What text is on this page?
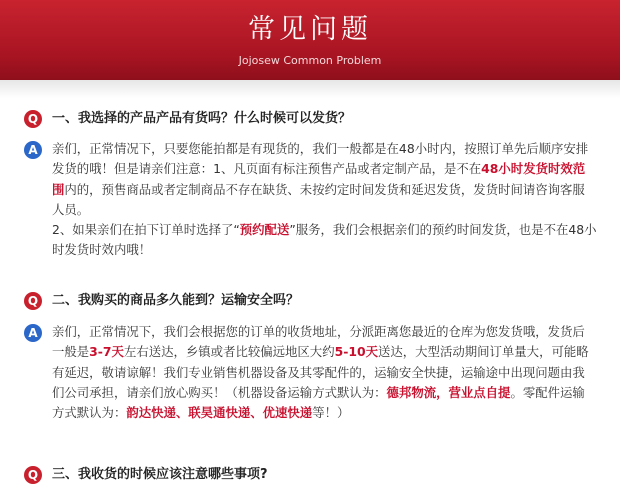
常见问题
Jojosew Common Problem
Q	一、我选择的产品产品有货吗？什么时候可以发货？
A	亲们，正常情况下，只要您能拍都是有现货的，我们一般都是在48小时内，按照订单先后顺序安排发货的哦！但是请亲们注意：1、凡页面有标注预售产品或者定制产品，是不在48小时发货时效范围内的，预售商品或者定制商品不存在缺货、未按约定时间发货和延迟发货，发货时间请咨询客服人员。
2、如果亲们在拍下订单时选择了“预约配送”服务，我们会根据亲们的预约时间发货，也是不在48小时发货时效内哦！
Q	二、我购买的商品多久能到？运输安全吗？
A	亲们，正常情况下，我们会根据您的订单的收货地址，分派距离您最近的仓库为您发货哦，发货后一般是3-7天左右送达，乡镇或者比较偏远地区大约5-10天送达，大型活动期间订单量大，可能略有延迟，敬请谅解！我们专业销售机器设备及其零配件的，运输安全快捷，运输途中出现问题由我们公司承担，请亲们放心购买！（机器设备运输方式默认为：德邦物流，营业点自提。零配件运输方式默认为：韵达快递、联昊通快递、优速快递等！）
Q	三、我收货的时候应该注意哪些事项?
